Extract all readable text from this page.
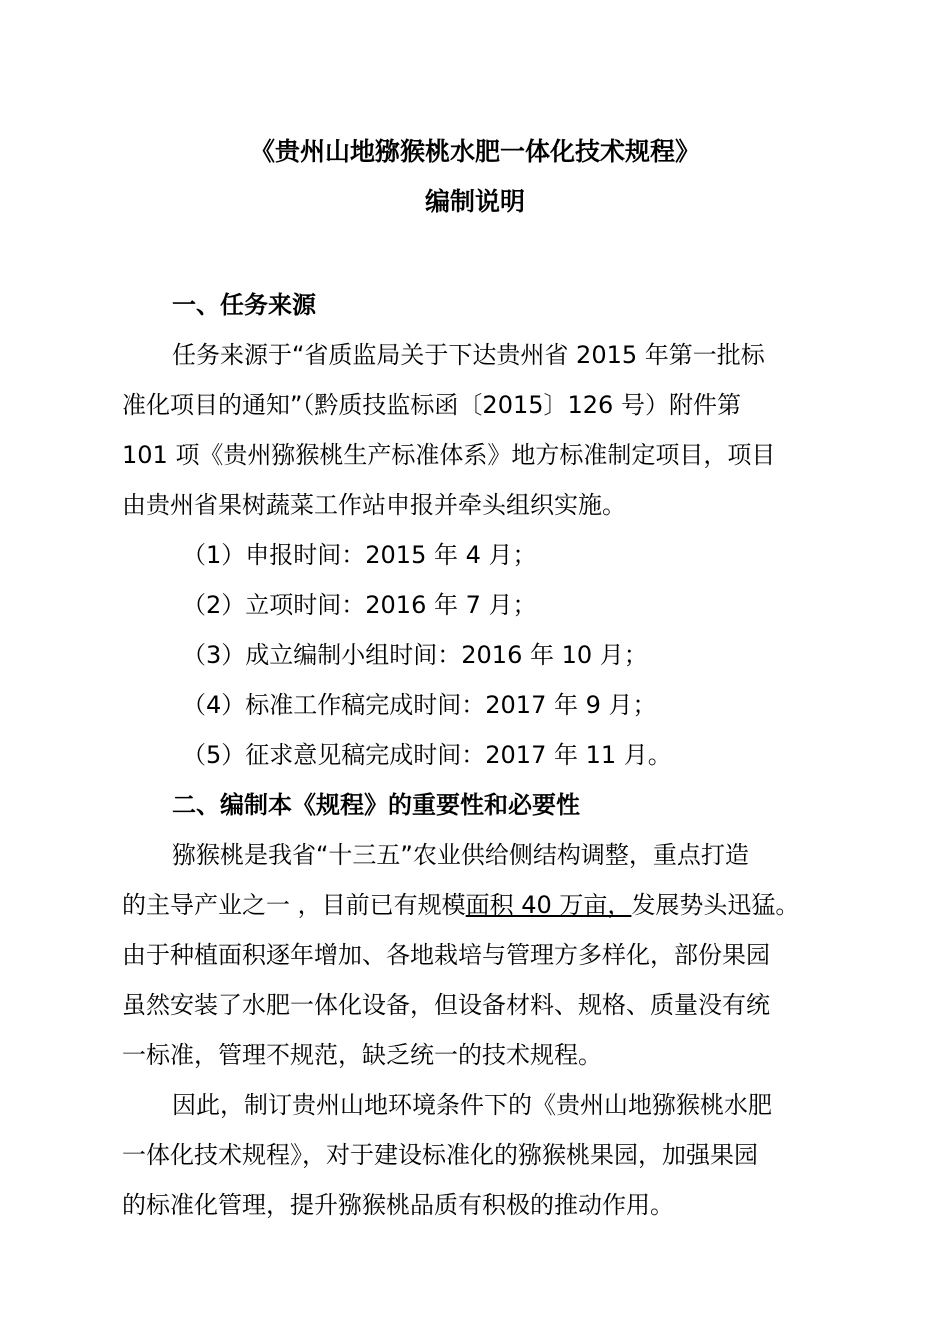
《贵州山地猕猴桃水肥一体化技术规程》
编制说明
一、任务来源
任务来源于“省质监局关于下达贵州省 2015 年第一批标
准化项目的通知”（黔质技监标函〔2015〕126 号）附件第
101 项《贵州猕猴桃生产标准体系》地方标准制定项目，项目
由贵州省果树蔬菜工作站申报并牵头组织实施。
（1）申报时间：2015 年 4 月；
（2）立项时间：2016 年 7 月；
（3）成立编制小组时间：2016 年 10 月；
（4）标准工作稿完成时间：2017 年 9 月；
（5）征求意见稿完成时间：2017 年 11 月。
二、编制本《规程》的重要性和必要性
猕猴桃是我省“十三五”农业供给侧结构调整，重点打造
的主导产业之一 ，目前已有规模面积 40 万亩，发展势头迅猛。
由于种植面积逐年增加、各地栽培与管理方多样化，部份果园
虽然安装了水肥一体化设备，但设备材料、规格、质量没有统
一标准，管理不规范，缺乏统一的技术规程。
因此，制订贵州山地环境条件下的《贵州山地猕猴桃水肥
一体化技术规程》，对于建设标准化的猕猴桃果园，加强果园
的标准化管理，提升猕猴桃品质有积极的推动作用。
